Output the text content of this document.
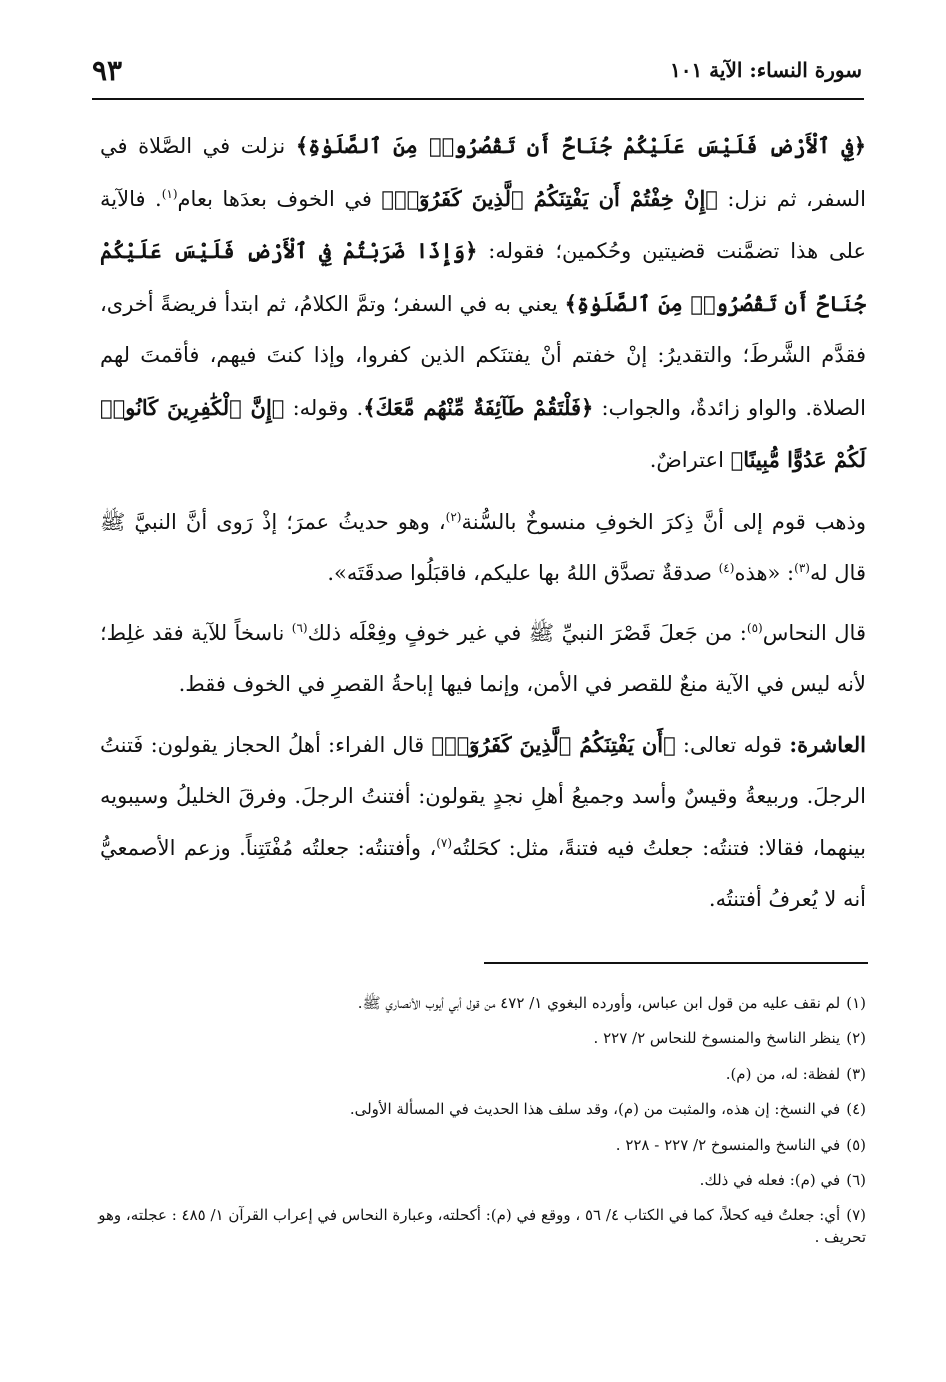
سورة النساء: الآية ١٠١
٩٣

﴿فِي ٱلْأَرْضِ فَلَيْسَ عَلَيْكُمْ جُنَاحٌ أَن تَقْصُرُوا۟ مِنَ ٱلصَّلَوٰةِ﴾ نزلت في الصَّلاة في السفر، ثم نزل: ﴿إِنْ خِفْتُمْ أَن يَفْتِنَكُمُ ٱلَّذِينَ كَفَرُوٓا۟﴾ في الخوف بعدَها بعام$^{(١)}$. فالآية على هذا تضمَّنت قضيتين وحُكمين؛ فقوله: ﴿وَإِذَا ضَرَبْتُمْ فِي ٱلْأَرْضِ فَلَيْسَ عَلَيْكُمْ جُنَاحٌ أَن تَقْصُرُوا۟ مِنَ ٱلصَّلَوٰةِ﴾ يعني به في السفر؛ وتمَّ الكلامُ، ثم ابتدأ فريضةً أخرى، فقدَّم الشَّرطَ؛ والتقديرُ: إنْ خفتم أنْ يفتنَكم الذين كفروا، وإذا كنتَ فيهم، فأقمتَ لهم الصلاة. والواو زائدةٌ، والجواب: ﴿فَلْتَقُمْ طَآئِفَةٌ مِّنْهُم مَّعَكَ﴾. وقوله: ﴿إِنَّ ٱلْكَٰفِرِينَ كَانُوا۟ لَكُمْ عَدُوًّا مُّبِينًا﴾ اعتراضٌ.

وذهب قوم إلى أنَّ ذِكرَ الخوفِ منسوخٌ بالسُّنة$^{(٢)}$، وهو حديثُ عمرَ؛ إذْ رَوى أنَّ النبيَّ ﷺ قال له$^{(٣)}$: «هذه$^{(٤)}$ صدقةٌ تصدَّق اللهُ بها عليكم، فاقبَلُوا صدقَتَه».

قال النحاس$^{(٥)}$: من جَعلَ قَصْرَ النبيِّ ﷺ في غير خوفٍ وفِعْلَه ذلك$^{(٦)}$ ناسخاً للآية فقد غلِط؛ لأنه ليس في الآية منعٌ للقصر في الأمن، وإنما فيها إباحةُ القصرِ في الخوف فقط.

العاشرة: قوله تعالى: ﴿أَن يَفْتِنَكُمُ ٱلَّذِينَ كَفَرُوٓا۟﴾ قال الفراء: أهلُ الحجاز يقولون: فَتنتُ الرجلَ. وربيعةُ وقيسٌ وأسد وجميعُ أهلِ نجدٍ يقولون: أفتنتُ الرجلَ. وفرقَ الخليلُ وسيبويه بينهما، فقالا: فتنتُه: جعلتُ فيه فتنةً، مثل: كحَلتُه$^{(٧)}$، وأفتنتُه: جعلتُه مُفْتَتِناً. وزعم الأصمعيُّ أنه لا يُعرفُ أفتنتُه.

(١)لم نقف عليه من قول ابن عباس، وأورده البغوي ١/ ٤٧٢ من قول أبي أيوب الأنصاري ﷺ.

(٢)ينظر الناسخ والمنسوخ للنحاس ٢/ ٢٢٧ .

(٣)لفظة: له، من (م).

(٤)في النسخ: إن هذه، والمثبت من (م)، وقد سلف هذا الحديث في المسألة الأولى.

(٥)في الناسخ والمنسوخ ٢/ ٢٢٧ - ٢٢٨ .

(٦)في (م): فعله في ذلك.

(٧)أي: جعلتُ فيه كحلاً، كما في الكتاب ٤/ ٥٦ ، ووقع في (م): أكحلته، وعبارة النحاس في إعراب القرآن ١/ ٤٨٥ : عجلته، وهو تحريف .
